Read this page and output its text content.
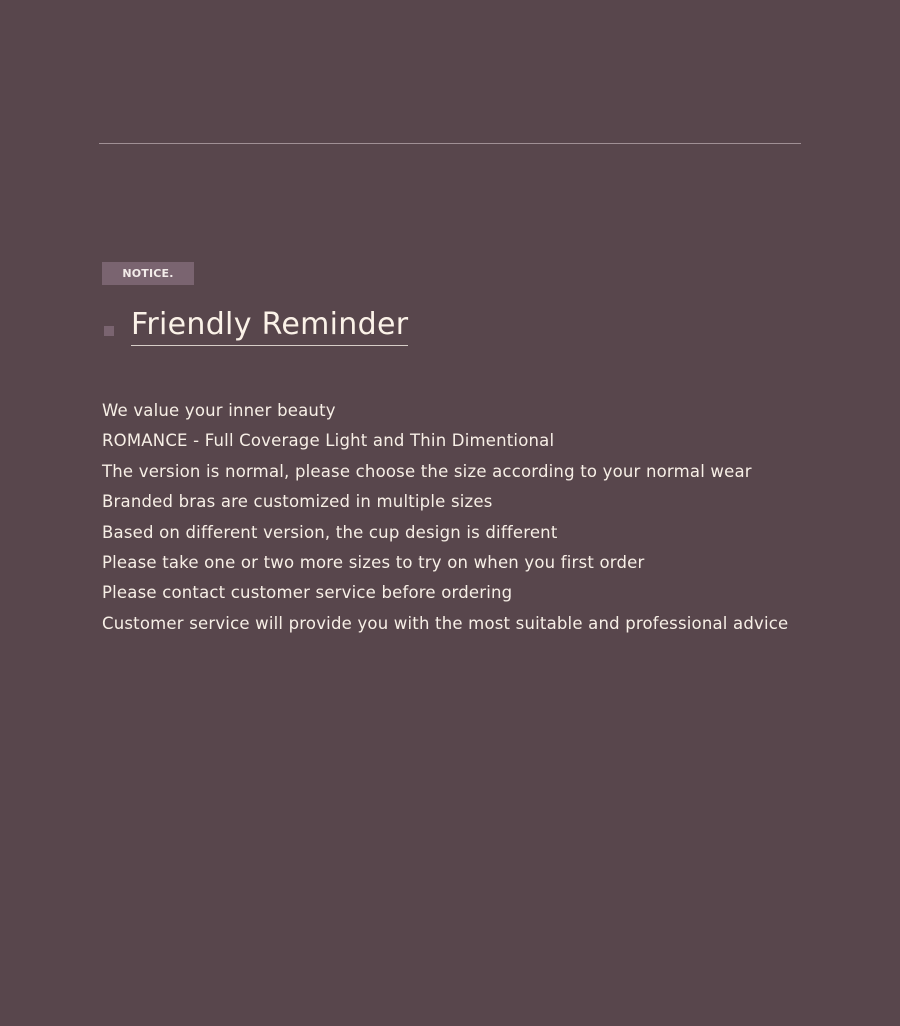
NOTICE.
Friendly Reminder
We value your inner beauty
ROMANCE - Full Coverage Light and Thin Dimentional
The version is normal, please choose the size according to your normal wear
Branded bras are customized in multiple sizes
Based on different version, the cup design is different
Please take one or two more sizes to try on when you first order
Please contact customer service before ordering
Customer service will provide you with the most suitable and professional advice
